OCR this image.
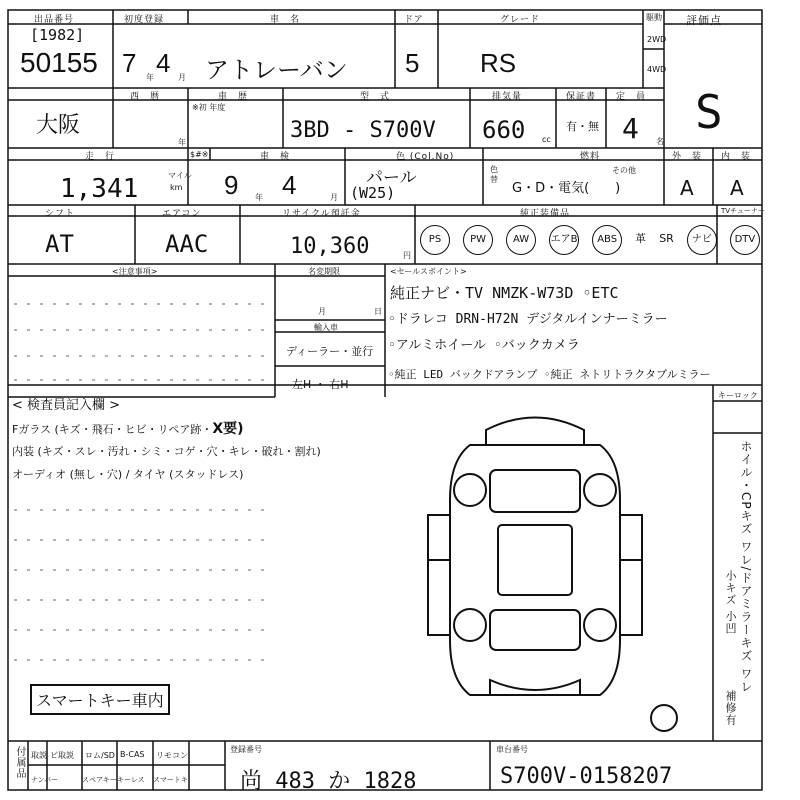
出品番号
[1982]
50155
初度登録
7 年 4 月
車　名
アトレーバン
ドア
5
グレード
RS
駆動
2WD
4WD
評価点
S
大阪
西　暦
年
車　歴
※初 年度
型　式
3BD - S700V
排気量
660 cc
保証書
有・無
定　員
4 名
走　行	$#※
1,341	マイル
km
車　検
9 年 4	月
色 (Col.No)
パール
(W25)
色替
燃料
G・D・電気(　　)
その他
外　装
A
内　装
A
シフト
AT
エアコン
AAC
リサイクル預託金
10,360	円
純正装備品	TVチューナー
PS	PW	AW	エアB	ABS	革 SR	ナビ	DTV
<注意事項>	名変期限
月	日
輸入車
ディーラー・並行
左H ・ 右H
<セールスポイント>
純正ナビ・TV NMZK-W73D ◦ETC
◦ドラレコ DRN-H72N デジタルインナーミラー
◦アルミホイール ◦バックカメラ
◦純正 LED バックドアランプ ◦純正 ネトリトラクタブルミラー
キーロック
< 検査員記入欄 >
Fガラス (キズ・飛石・ヒビ・リペア跡・X要)
内装 (キズ・スレ・汚れ・シミ・コゲ・穴・キレ・破れ・割れ)
オーディオ (無し・穴) / タイヤ (スタッドレス)
スマートキー車内
ホイル・CPキズ ワレ/ドアミラーキズ ワレ
小キズ 小凹
補修有
付属品 取説 ビ取説	ロム/SD B-CAS	リモコン
ナンバー	スペアキー キーレス	スマートキー
登録番号
尚 483 か 1828
車台番号
S700V-0158207
